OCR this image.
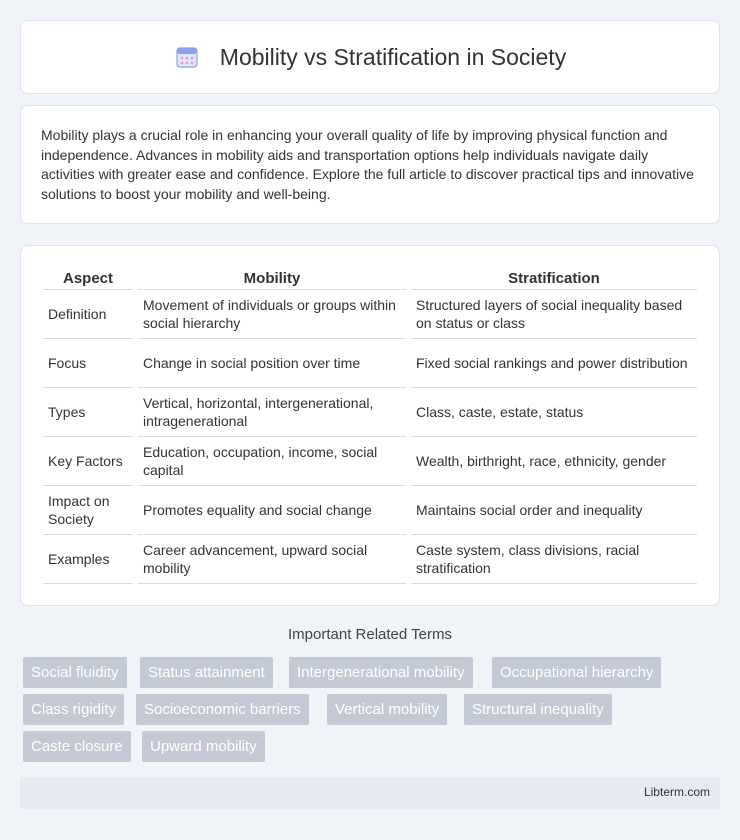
Mobility vs Stratification in Society

Mobility plays a crucial role in enhancing your overall quality of life by improving physical function and independence. Advances in mobility aids and transportation options help individuals navigate daily activities with greater ease and confidence. Explore the full article to discover practical tips and innovative solutions to boost your mobility and well-being.

Aspect	Mobility	Stratification
Definition	Movement of individuals or groups within social hierarchy	Structured layers of social inequality based on status or class
Focus	Change in social position over time	Fixed social rankings and power distribution
Types	Vertical, horizontal, intergenerational, intragenerational	Class, caste, estate, status
Key Factors	Education, occupation, income, social capital	Wealth, birthright, race, ethnicity, gender
Impact on Society	Promotes equality and social change	Maintains social order and inequality
Examples	Career advancement, upward social mobility	Caste system, class divisions, racial stratification
Important Related Terms
Social fluidity	Status attainment	Intergenerational mobility	Occupational hierarchy
Class rigidity	Socioeconomic barriers	Vertical mobility	Structural inequality
Caste closure	Upward mobility
Libterm.com
